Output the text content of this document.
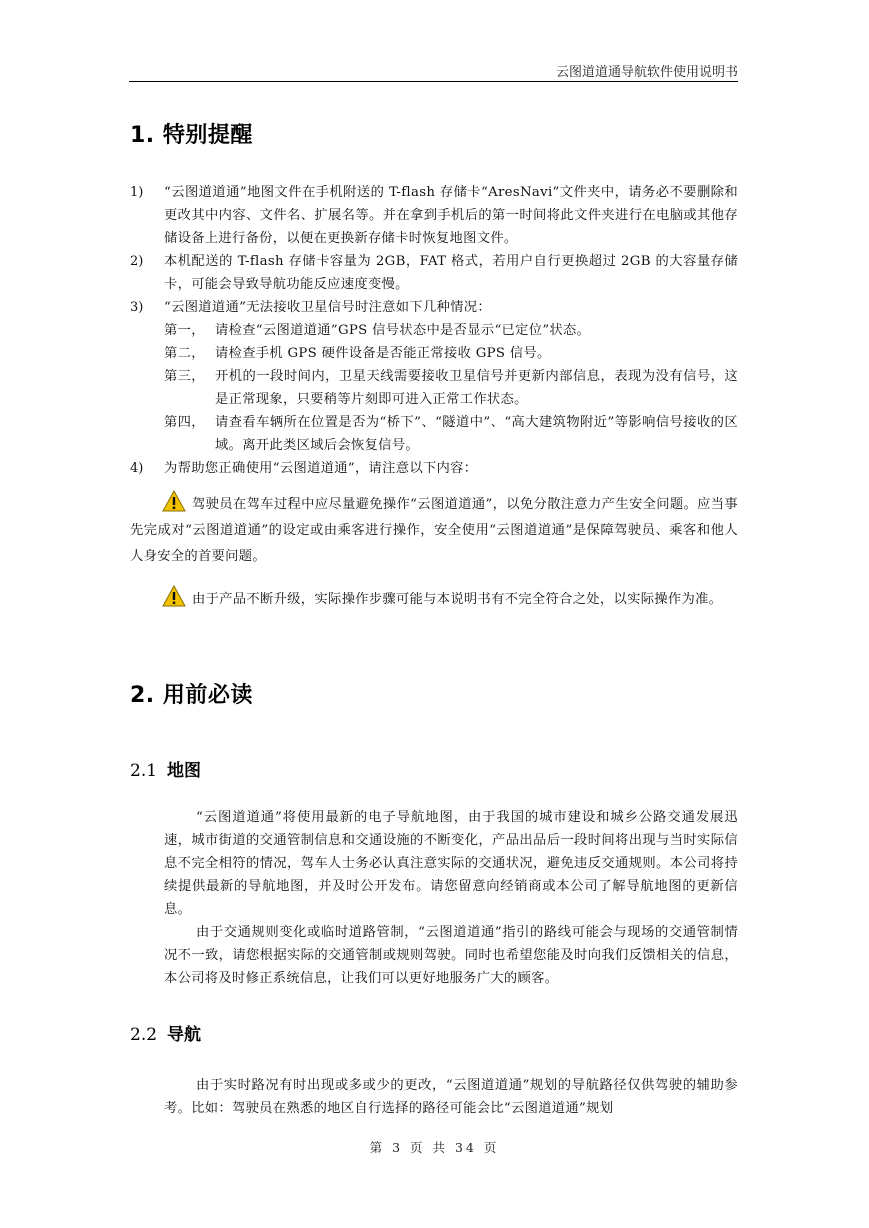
云图道道通导航软件使用说明书
1. 特别提醒
1) “云图道道通”地图文件在手机附送的 T-flash 存储卡“AresNavi”文件夹中，请务必不要删除和更改其中内容、文件名、扩展名等。并在拿到手机后的第一时间将此文件夹进行在电脑或其他存储设备上进行备份，以便在更换新存储卡时恢复地图文件。
2) 本机配送的 T-flash 存储卡容量为 2GB，FAT 格式，若用户自行更换超过 2GB 的大容量存储卡，可能会导致导航功能反应速度变慢。
3) “云图道道通”无法接收卫星信号时注意如下几种情况：
第一， 请检查“云图道道通”GPS 信号状态中是否显示“已定位”状态。
第二， 请检查手机 GPS 硬件设备是否能正常接收 GPS 信号。
第三， 开机的一段时间内，卫星天线需要接收卫星信号并更新内部信息，表现为没有信号，这是正常现象，只要稍等片刻即可进入正常工作状态。
第四， 请查看车辆所在位置是否为“桥下”、“隧道中”、“高大建筑物附近”等影响信号接收的区域。离开此类区域后会恢复信号。
4) 为帮助您正确使用“云图道道通”，请注意以下内容：
驾驶员在驾车过程中应尽量避免操作“云图道道通”，以免分散注意力产生安全问题。应当事先完成对“云图道道通”的设定或由乘客进行操作，安全使用“云图道道通”是保障驾驶员、乘客和他人人身安全的首要问题。
由于产品不断升级，实际操作步骤可能与本说明书有不完全符合之处，以实际操作为准。
2. 用前必读
2.1 地图
“云图道道通”将使用最新的电子导航地图，由于我国的城市建设和城乡公路交通发展迅速，城市街道的交通管制信息和交通设施的不断变化，产品出品后一段时间将出现与当时实际信息不完全相符的情况，驾车人士务必认真注意实际的交通状况，避免违反交通规则。本公司将持续提供最新的导航地图，并及时公开发布。请您留意向经销商或本公司了解导航地图的更新信息。
由于交通规则变化或临时道路管制，“云图道道通”指引的路线可能会与现场的交通管制情况不一致，请您根据实际的交通管制或规则驾驶。同时也希望您能及时向我们反馈相关的信息，本公司将及时修正系统信息，让我们可以更好地服务广大的顾客。
2.2 导航
由于实时路况有时出现或多或少的更改，“云图道道通”规划的导航路径仅供驾驶的辅助参考。比如：驾驶员在熟悉的地区自行选择的路径可能会比“云图道道通”规划
第 3 页 共 34 页
